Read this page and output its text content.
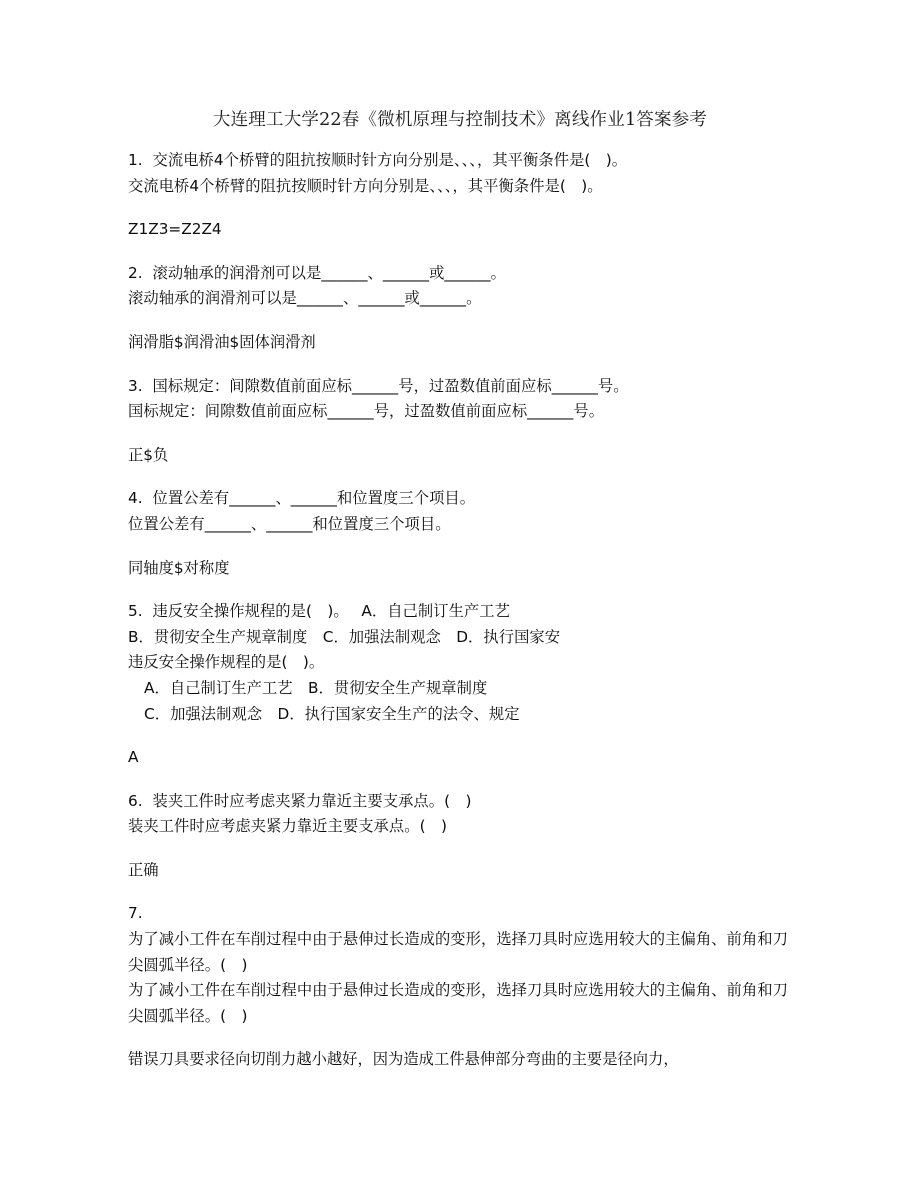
大连理工大学22春《微机原理与控制技术》离线作业1答案参考

1.  交流电桥4个桥臂的阻抗按顺时针方向分别是、、、，其平衡条件是(　)。

交流电桥4个桥臂的阻抗按顺时针方向分别是、、、，其平衡条件是(　)。

Z1Z3=Z2Z4

2.  滚动轴承的润滑剂可以是______、______或______。

滚动轴承的润滑剂可以是______、______或______。

润滑脂$润滑油$固体润滑剂

3.  国标规定：间隙数值前面应标______号，过盈数值前面应标______号。

国标规定：间隙数值前面应标______号，过盈数值前面应标______号。

正$负

4.  位置公差有______、______和位置度三个项目。

位置公差有______、______和位置度三个项目。

同轴度$对称度

5.  违反安全操作规程的是(　)。　 A．自己制订生产工艺

B．贯彻安全生产规章制度　C．加强法制观念　D．执行国家安

违反安全操作规程的是(　)。

A．自己制订生产工艺　B．贯彻安全生产规章制度

C．加强法制观念　D．执行国家安全生产的法令、规定

A

6.  装夹工件时应考虑夹紧力靠近主要支承点。(　)

装夹工件时应考虑夹紧力靠近主要支承点。(　)

正确

7.

为了减小工件在车削过程中由于悬伸过长造成的变形，选择刀具时应选用较大的主偏角、前角和刀尖圆弧半径。(　)

为了减小工件在车削过程中由于悬伸过长造成的变形，选择刀具时应选用较大的主偏角、前角和刀尖圆弧半径。(　)

错误刀具要求径向切削力越小越好，因为造成工件悬伸部分弯曲的主要是径向力，
